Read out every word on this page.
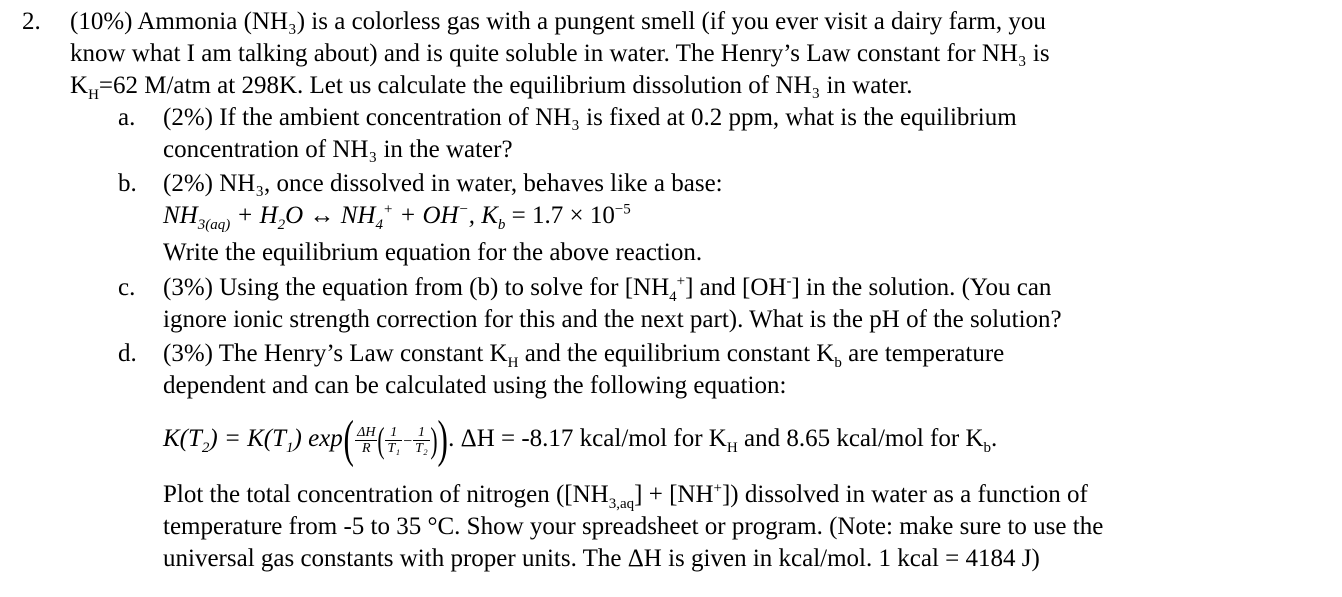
2. (10%) Ammonia (NH₃) is a colorless gas with a pungent smell (if you ever visit a dairy farm, you
know what I am talking about) and is quite soluble in water. The Henry’s Law constant for NH₃ is
$K_H=62$ M/atm at 298K. Let us calculate the equilibrium dissolution of NH₃ in water.
a. (2%) If the ambient concentration of NH₃ is fixed at 0.2 ppm, what is the equilibrium
concentration of NH₃ in the water?
b. (2%) NH₃, once dissolved in water, behaves like a base:
$NH_{3(aq)} + H_2O$ ↔ $NH_4^+ + OH^-$, $K_b = 1.7 \times 10^{-5}$
Write the equilibrium equation for the above reaction.
c. (3%) Using the equation from (b) to solve for $[NH_4^+]$ and [OH-] in the solution. (You can
ignore ionic strength correction for this and the next part). What is the pH of the solution?
d. (3%) The Henry’s Law constant $K_H$ and the equilibrium constant $K_b$ are temperature
dependent and can be calculated using the following equation:
$K(T_2) = K(T_1)$ $\exp( \frac{\Delta H}{R}$ ( $\frac{1}{\text{T₁}} - \frac{1}{\text{T₂}}$ )). ΔH = -8.17 kcal/mol for $K_H$ and 8.65 kcal/mol for $K_b$.
Plot the total concentration of nitrogen $([NH_{3,aq}] + [NH^+])$ dissolved in water as a function of
temperature from -5 to 35 °C. Show your spreadsheet or program. (Note: make sure to use the
universal gas constants with proper units. The ΔH is given in kcal/mol. 1 kcal = 4184 J)
